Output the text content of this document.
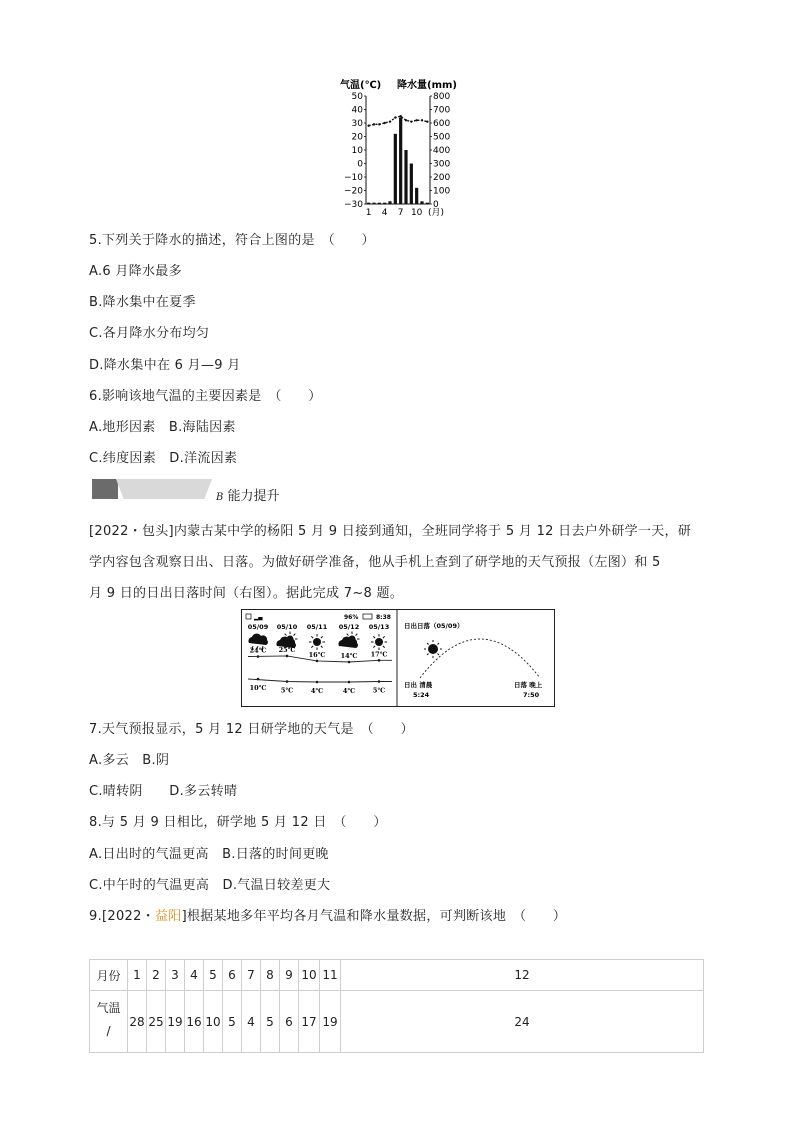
气温(℃) 降水量(mm)
50
40
30
20
10
0
−10
−20
−30
800
700
600
500
400
300
200
100
0
1 4 7 10 (月)
5.下列关于降水的描述，符合上图的是　（　　）
A.6 月降水最多
B.降水集中在夏季
C.各月降水分布均匀
D.降水集中在 6 月—9 月
6.影响该地气温的主要因素是　（　　）
A.地形因素　B.海陆因素
C.纬度因素　D.洋流因素
B 能力提升
[2022・包头]内蒙古某中学的杨阳 5 月 9 日接到通知，全班同学将于 5 月 12 日去户外研学一天，研
学内容包含观察日出、日落。为做好研学准备，他从手机上查到了研学地的天气预报（左图）和 5
月 9 日的日出日落时间（右图）。据此完成 7~8 题。
▂▄	96%	8:38
05/09 05/10 05/11 05/12 05/13
24℃ 25℃
16℃ 14℃ 17℃
10℃ 5℃	4℃	4℃	5℃
日出日落（05/09）
日出 清晨
5:24
日落 晚上
7:50
7.天气预报显示，5 月 12 日研学地的天气是　（　　）
A.多云　B.阴
C.晴转阴　　D.多云转晴
8.与 5 月 9 日相比，研学地 5 月 12 日　（　　）
A.日出时的气温更高　B.日落的时间更晚
C.中午时的气温更高　D.气温日较差更大
9.[2022・益阳]根据某地多年平均各月气温和降水量数据，可判断该地　（　　）
月份	1	2	3	4	5	6	7	8	9	10	11	12

气温
/	28	25	19	16	10	5	4	5	6	17	19	24
